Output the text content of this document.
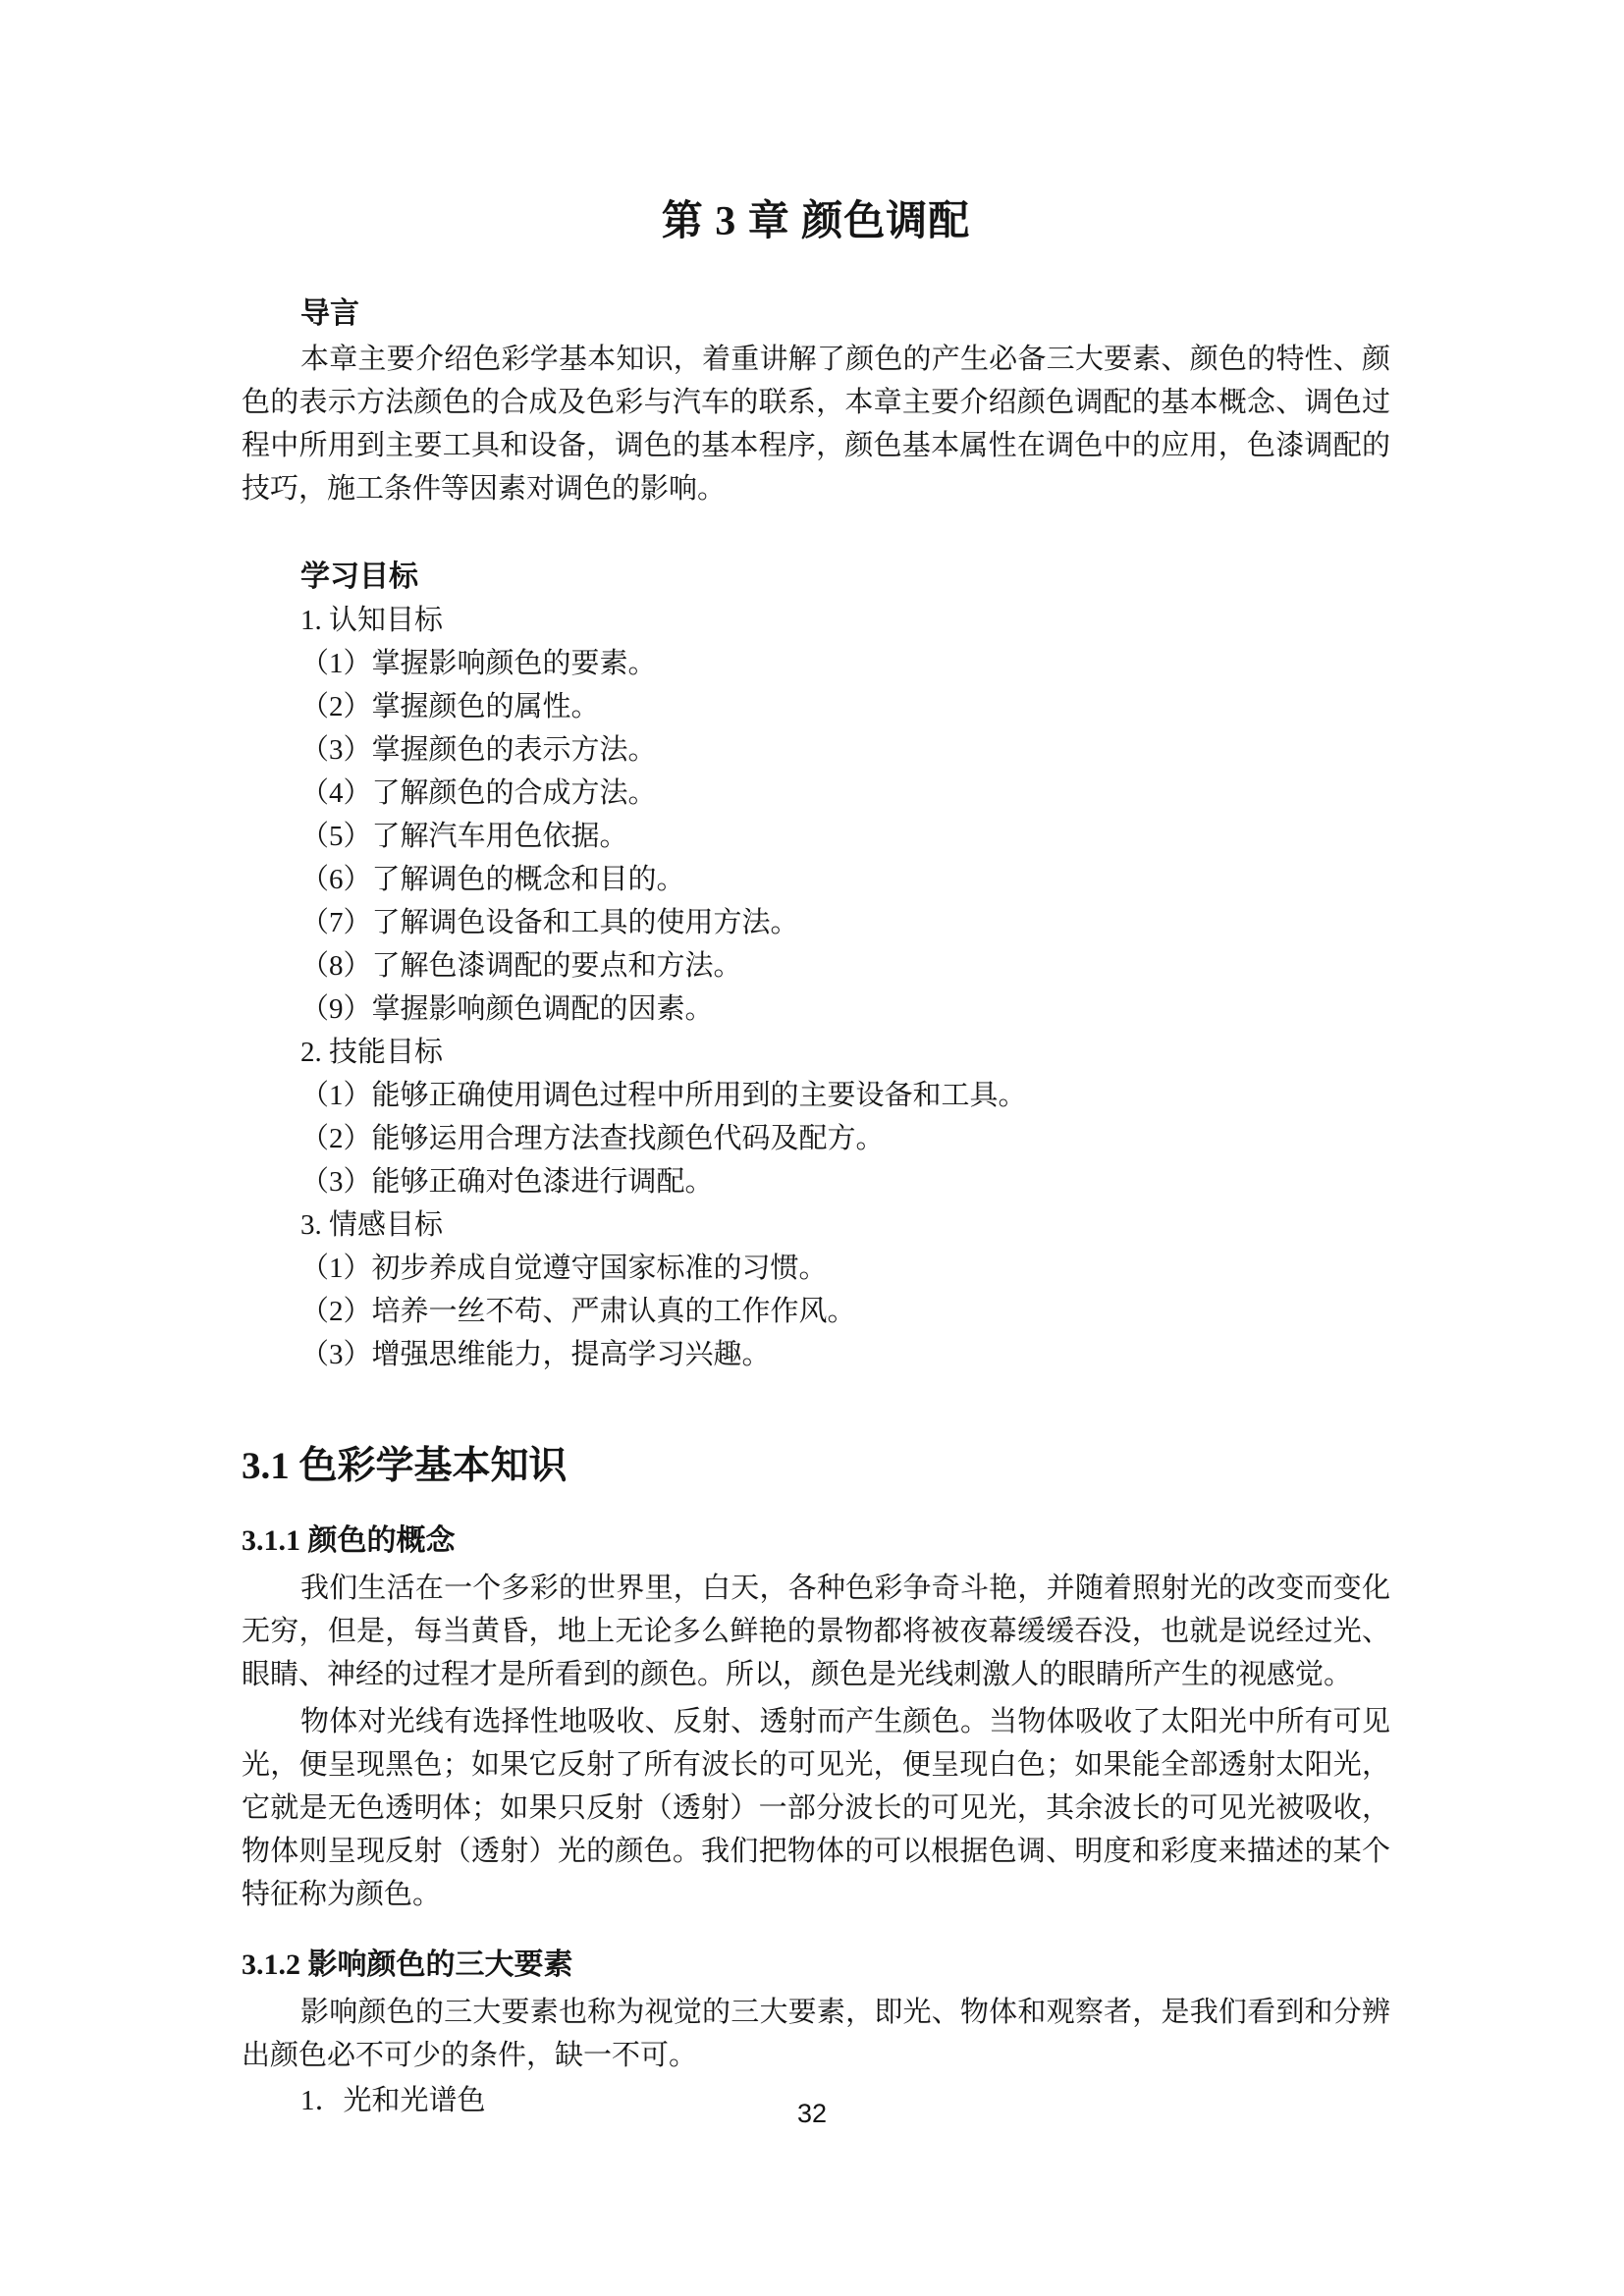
第 3 章 颜色调配
导言

本章主要介绍色彩学基本知识，着重讲解了颜色的产生必备三大要素、颜色的特性、颜色的表示方法颜色的合成及色彩与汽车的联系，本章主要介绍颜色调配的基本概念、调色过程中所用到主要工具和设备，调色的基本程序，颜色基本属性在调色中的应用，色漆调配的技巧，施工条件等因素对调色的影响。

学习目标
1. 认知目标
（1）掌握影响颜色的要素。
（2）掌握颜色的属性。
（3）掌握颜色的表示方法。
（4）了解颜色的合成方法。
（5）了解汽车用色依据。
（6）了解调色的概念和目的。
（7）了解调色设备和工具的使用方法。
（8）了解色漆调配的要点和方法。
（9）掌握影响颜色调配的因素。
2. 技能目标
（1）能够正确使用调色过程中所用到的主要设备和工具。
（2）能够运用合理方法查找颜色代码及配方。
（3）能够正确对色漆进行调配。
3. 情感目标
（1）初步养成自觉遵守国家标准的习惯。
（2）培养一丝不苟、严肃认真的工作作风。
（3）增强思维能力，提高学习兴趣。
3.1 色彩学基本知识
3.1.1 颜色的概念

我们生活在一个多彩的世界里，白天，各种色彩争奇斗艳，并随着照射光的改变而变化无穷，但是，每当黄昏，地上无论多么鲜艳的景物都将被夜幕缓缓吞没，也就是说经过光、眼睛、神经的过程才是所看到的颜色。所以，颜色是光线刺激人的眼睛所产生的视感觉。

物体对光线有选择性地吸收、反射、透射而产生颜色。当物体吸收了太阳光中所有可见光，便呈现黑色；如果它反射了所有波长的可见光，便呈现白色；如果能全部透射太阳光，它就是无色透明体；如果只反射（透射）一部分波长的可见光，其余波长的可见光被吸收，物体则呈现反射（透射）光的颜色。我们把物体的可以根据色调、明度和彩度来描述的某个特征称为颜色。

3.1.2 影响颜色的三大要素

影响颜色的三大要素也称为视觉的三大要素，即光、物体和观察者，是我们看到和分辨出颜色必不可少的条件，缺一不可。

1．光和光谱色	32
